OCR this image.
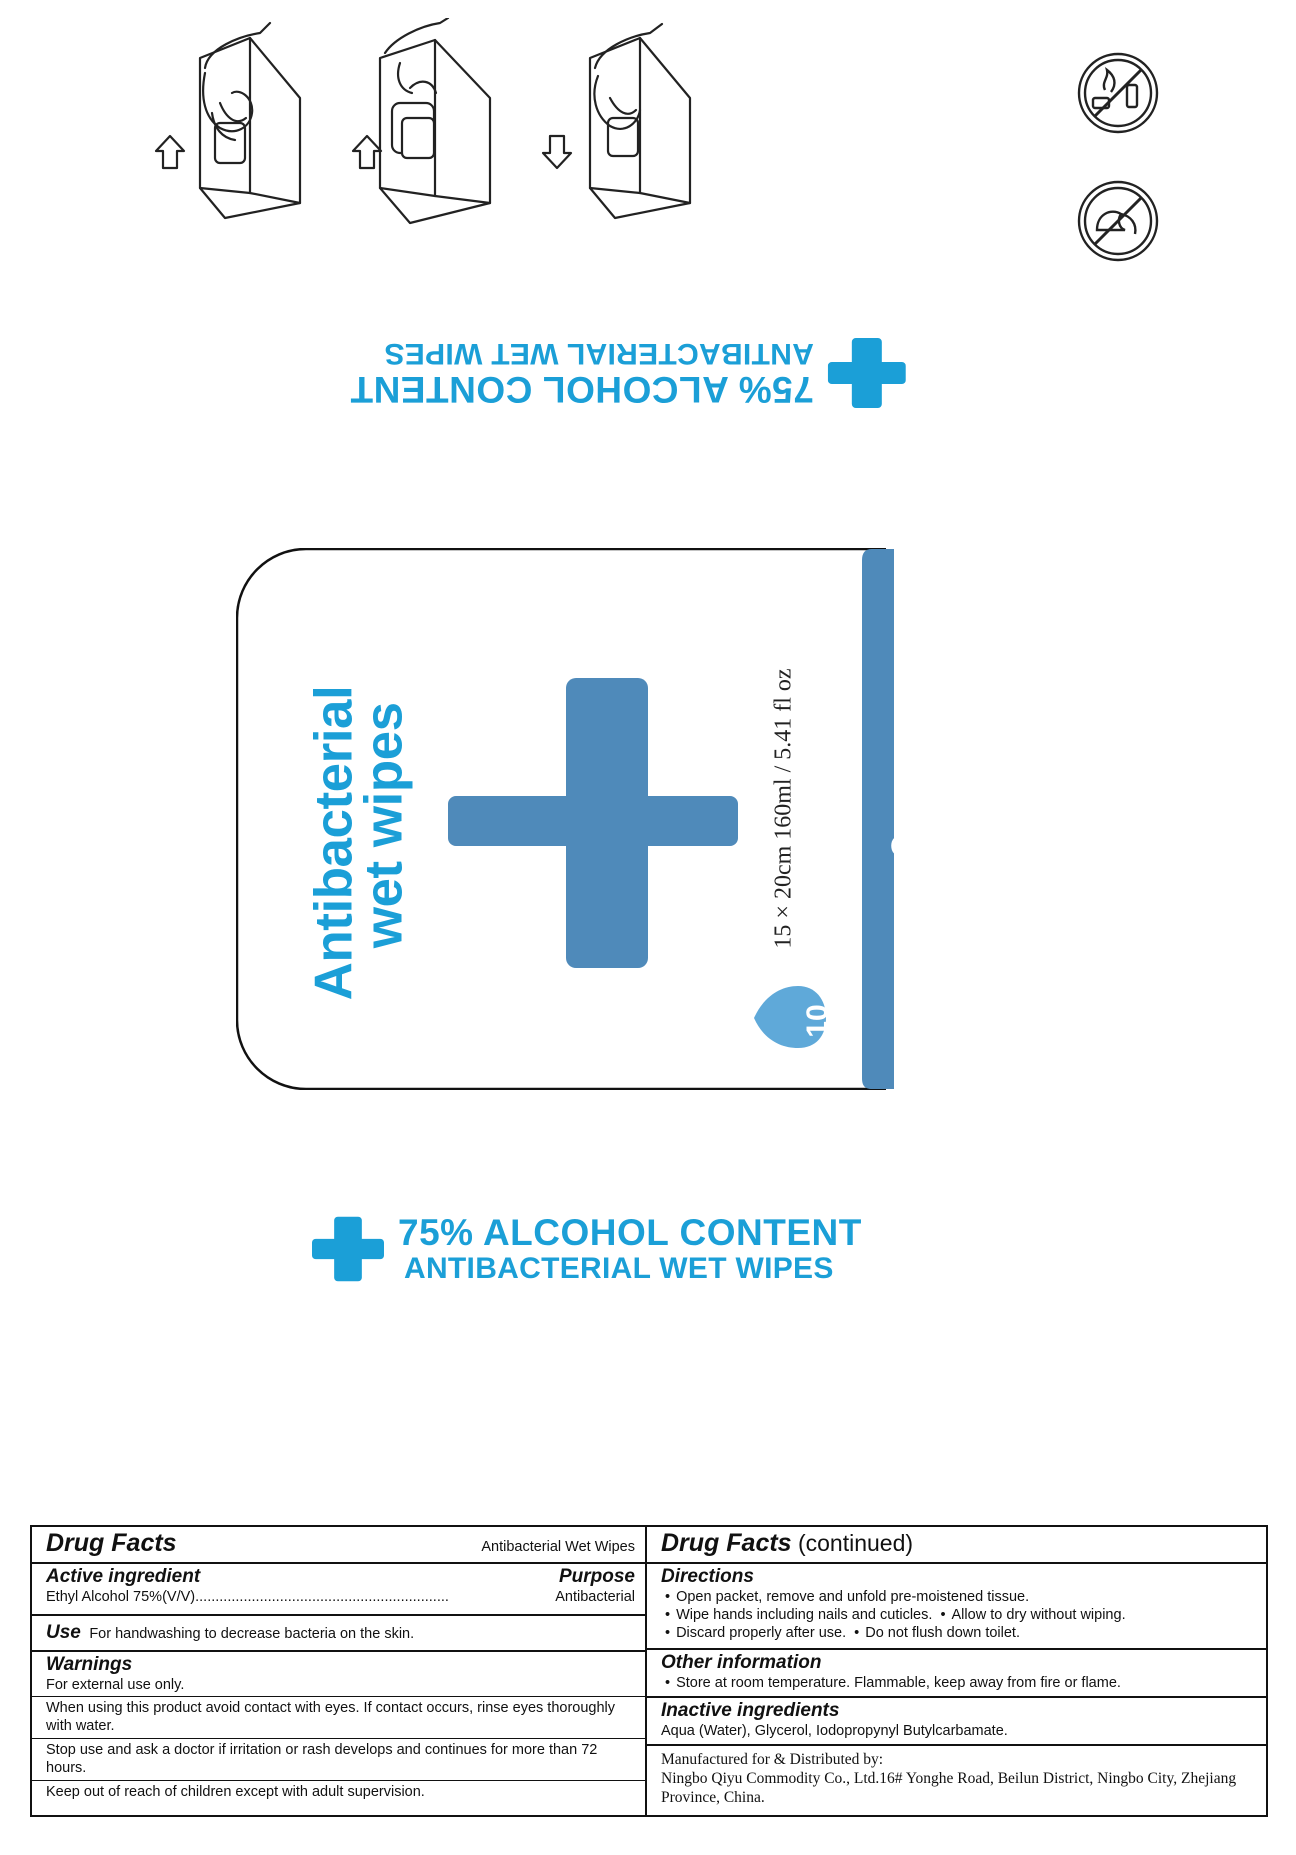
75% ALCOHOL CONTENT
ANTIBACTERIAL WET WIPES
Antibacterial
wet wipes	15 × 20cm 160ml / 5.41 fl oz	Open
10
75% ALCOHOL CONTENT
ANTIBACTERIAL WET WIPES
Drug Facts	Antibacterial Wet Wipes
Active ingredient	Purpose
Ethyl Alcohol 75%(V/V) ...............................................................	Antibacterial
Use For handwashing to decrease bacteria on the skin.
Warnings
For external use only.
When using this product avoid contact with eyes. If contact occurs, rinse eyes thoroughly with water.
Stop use and ask a doctor if irritation or rash develops and continues for more than 72 hours.
Keep out of reach of children except with adult supervision.
Drug Facts (continued)
Directions
• Open packet, remove and unfold pre-moistened tissue.
• Wipe hands including nails and cuticles. • Allow to dry without wiping.
• Discard properly after use. • Do not flush down toilet.
Other information
• Store at room temperature. Flammable, keep away from fire or flame.
Inactive ingredients
Aqua (Water), Glycerol, Iodopropynyl Butylcarbamate.
Manufactured for & Distributed by:
Ningbo Qiyu Commodity Co., Ltd.16# Yonghe Road, Beilun District, Ningbo City, Zhejiang Province, China.
